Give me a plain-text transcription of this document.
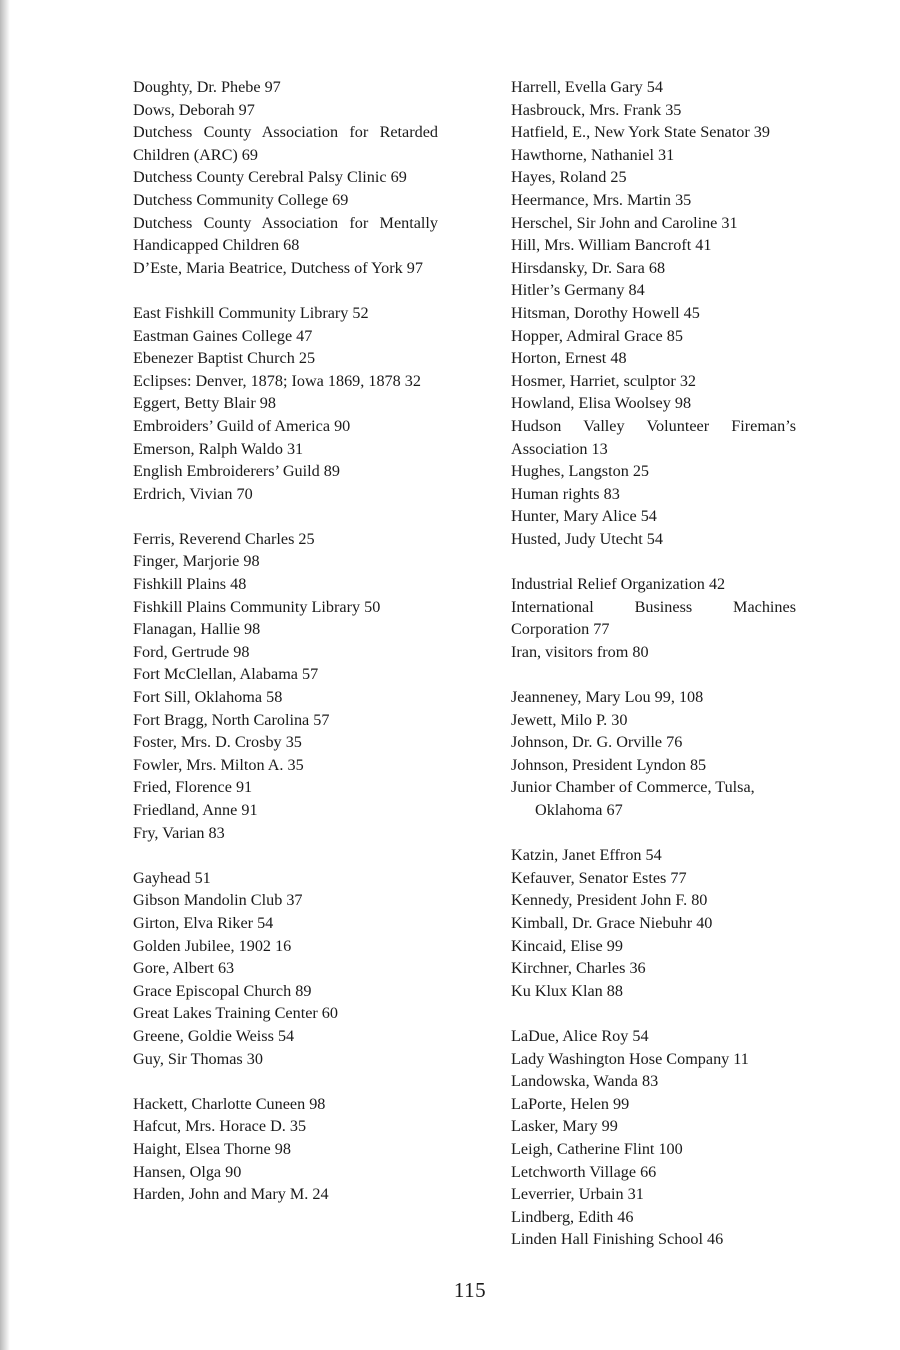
Doughty, Dr. Phebe 97
Dows, Deborah 97
Dutchess County Association for Retarded Children (ARC) 69
Dutchess County Cerebral Palsy Clinic 69
Dutchess Community College 69
Dutchess County Association for Mentally Handicapped Children 68
D’Este, Maria Beatrice, Dutchess of York 97
East Fishkill Community Library 52
Eastman Gaines College 47
Ebenezer Baptist Church 25
Eclipses: Denver, 1878; Iowa 1869, 1878 32
Eggert, Betty Blair 98
Embroiders’ Guild of America 90
Emerson, Ralph Waldo 31
English Embroiderers’ Guild 89
Erdrich, Vivian 70
Ferris, Reverend Charles 25
Finger, Marjorie 98
Fishkill Plains 48
Fishkill Plains Community Library 50
Flanagan, Hallie 98
Ford, Gertrude 98
Fort McClellan, Alabama 57
Fort Sill, Oklahoma 58
Fort Bragg, North Carolina 57
Foster, Mrs. D. Crosby 35
Fowler, Mrs. Milton A. 35
Fried, Florence 91
Friedland, Anne 91
Fry, Varian 83
Gayhead 51
Gibson Mandolin Club 37
Girton, Elva Riker 54
Golden Jubilee, 1902 16
Gore, Albert 63
Grace Episcopal Church 89
Great Lakes Training Center 60
Greene, Goldie Weiss 54
Guy, Sir Thomas 30
Hackett, Charlotte Cuneen 98
Hafcut, Mrs. Horace D. 35
Haight, Elsea Thorne 98
Hansen, Olga 90
Harden, John and Mary M. 24
Harrell, Evella Gary 54
Hasbrouck, Mrs. Frank 35
Hatfield, E., New York State Senator 39
Hawthorne, Nathaniel 31
Hayes, Roland 25
Heermance, Mrs. Martin 35
Herschel, Sir John and Caroline 31
Hill, Mrs. William Bancroft 41
Hirsdansky, Dr. Sara 68
Hitler’s Germany 84
Hitsman, Dorothy Howell 45
Hopper, Admiral Grace 85
Horton, Ernest 48
Hosmer, Harriet, sculptor 32
Howland, Elisa Woolsey 98
Hudson Valley Volunteer Fireman’s Association 13
Hughes, Langston 25
Human rights 83
Hunter, Mary Alice 54
Husted, Judy Utecht 54
Industrial Relief Organization 42
International Business Machines Corporation 77
Iran, visitors from 80
Jeanneney, Mary Lou 99, 108
Jewett, Milo P. 30
Johnson, Dr. G. Orville 76
Johnson, President Lyndon 85
Junior Chamber of Commerce, Tulsa, Oklahoma 67
Katzin, Janet Effron 54
Kefauver, Senator Estes 77
Kennedy, President John F. 80
Kimball, Dr. Grace Niebuhr 40
Kincaid, Elise 99
Kirchner, Charles 36
Ku Klux Klan 88
LaDue, Alice Roy 54
Lady Washington Hose Company 11
Landowska, Wanda 83
LaPorte, Helen 99
Lasker, Mary 99
Leigh, Catherine Flint 100
Letchworth Village 66
Leverrier, Urbain 31
Lindberg, Edith 46
Linden Hall Finishing School 46
115
